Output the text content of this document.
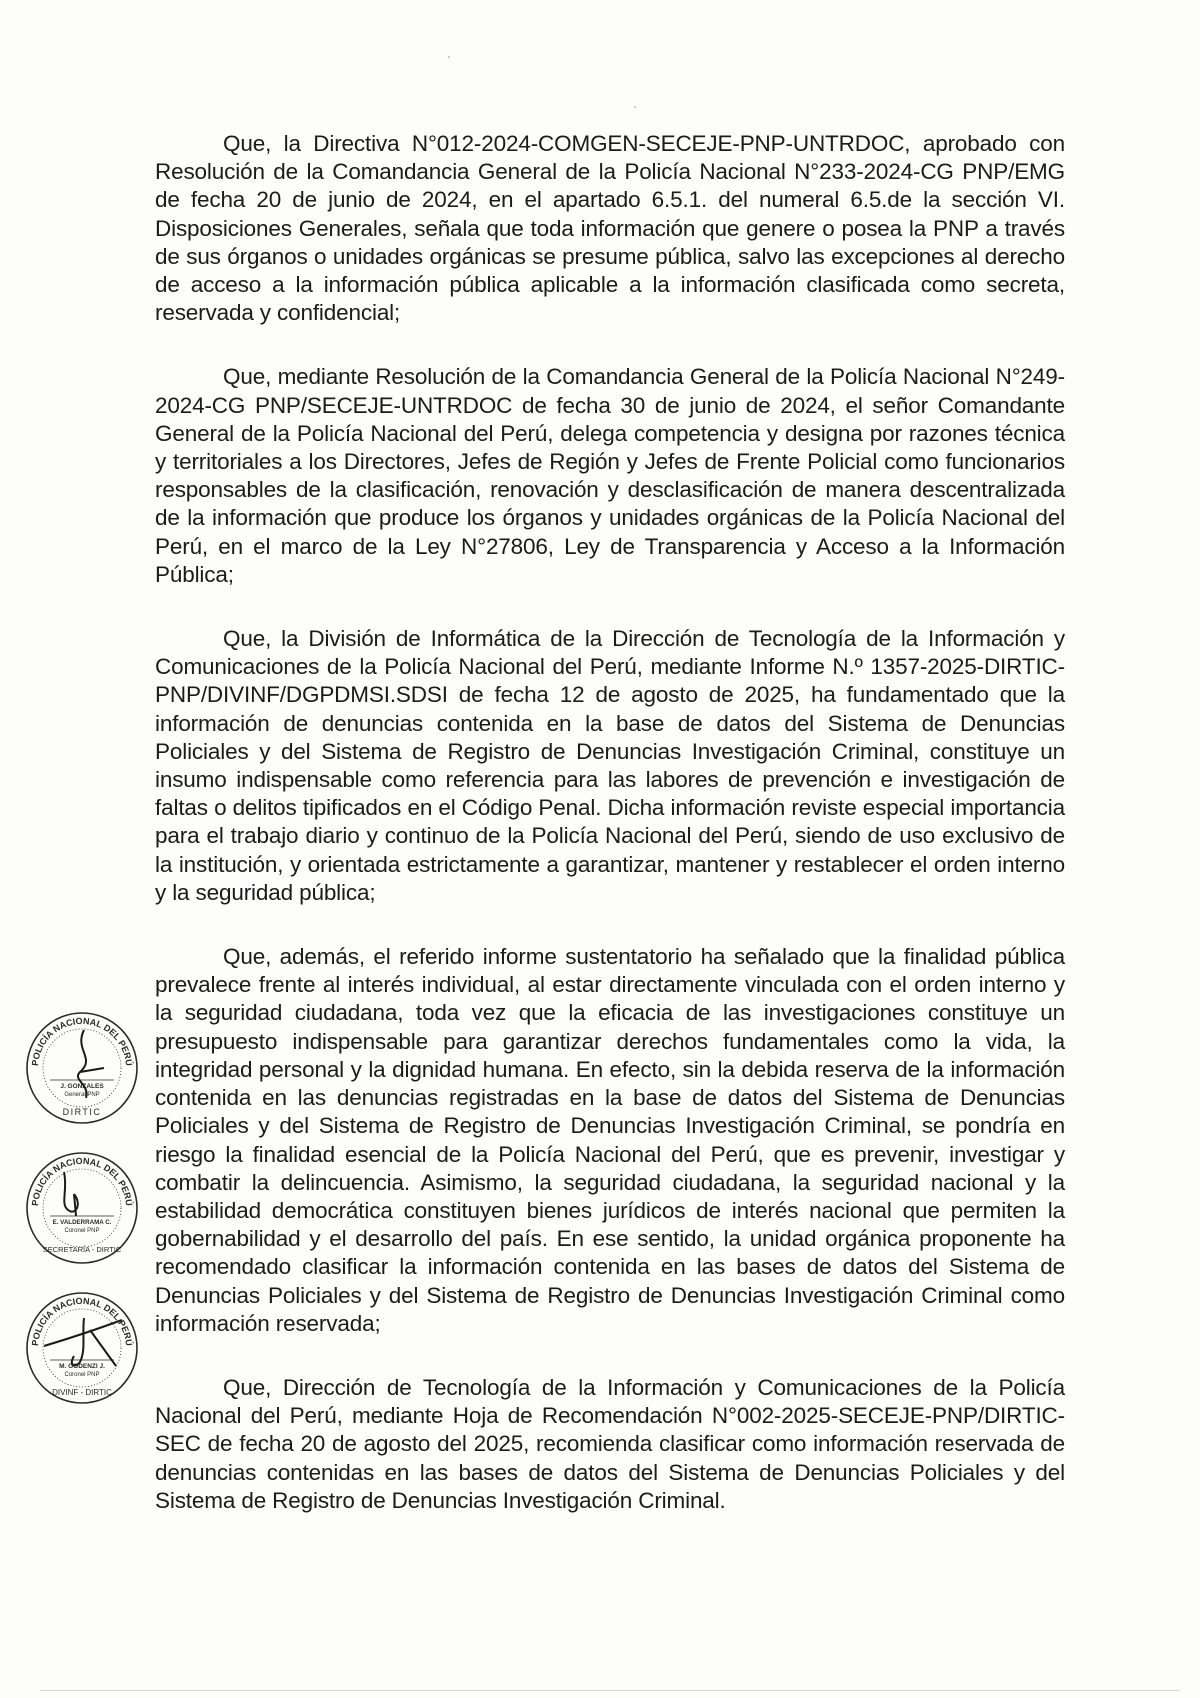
Que, la Directiva N°012-2024-COMGEN-SECEJE-PNP-UNTRDOC, aprobado con Resolución de la Comandancia General de la Policía Nacional N°233-2024-CG PNP/EMG de fecha 20 de junio de 2024, en el apartado 6.5.1. del numeral 6.5.de la sección VI. Disposiciones Generales, señala que toda información que genere o posea la PNP a través de sus órganos o unidades orgánicas se presume pública, salvo las excepciones al derecho de acceso a la información pública aplicable a la información clasificada como secreta, reservada y confidencial;

Que, mediante Resolución de la Comandancia General de la Policía Nacional N°249-2024-CG PNP/SECEJE-UNTRDOC de fecha 30 de junio de 2024, el señor Comandante General de la Policía Nacional del Perú, delega competencia y designa por razones técnica y territoriales a los Directores, Jefes de Región y Jefes de Frente Policial como funcionarios responsables de la clasificación, renovación y desclasificación de manera descentralizada de la información que produce los órganos y unidades orgánicas de la Policía Nacional del Perú, en el marco de la Ley N°27806, Ley de Transparencia y Acceso a la Información Pública;

Que, la División de Informática de la Dirección de Tecnología de la Información y Comunicaciones de la Policía Nacional del Perú, mediante Informe N.º 1357-2025-DIRTIC-PNP/DIVINF/DGPDMSI.SDSI de fecha 12 de agosto de 2025, ha fundamentado que la información de denuncias contenida en la base de datos del Sistema de Denuncias Policiales y del Sistema de Registro de Denuncias Investigación Criminal, constituye un insumo indispensable como referencia para las labores de prevención e investigación de faltas o delitos tipificados en el Código Penal. Dicha información reviste especial importancia para el trabajo diario y continuo de la Policía Nacional del Perú, siendo de uso exclusivo de la institución, y orientada estrictamente a garantizar, mantener y restablecer el orden interno y la seguridad pública;

Que, además, el referido informe sustentatorio ha señalado que la finalidad pública prevalece frente al interés individual, al estar directamente vinculada con el orden interno y la seguridad ciudadana, toda vez que la eficacia de las investigaciones constituye un presupuesto indispensable para garantizar derechos fundamentales como la vida, la integridad personal y la dignidad humana. En efecto, sin la debida reserva de la información contenida en las denuncias registradas en la base de datos del Sistema de Denuncias Policiales y del Sistema de Registro de Denuncias Investigación Criminal, se pondría en riesgo la finalidad esencial de la Policía Nacional del Perú, que es prevenir, investigar y combatir la delincuencia. Asimismo, la seguridad ciudadana, la seguridad nacional y la estabilidad democrática constituyen bienes jurídicos de interés nacional que permiten la gobernabilidad y el desarrollo del país. En ese sentido, la unidad orgánica proponente ha recomendado clasificar la información contenida en las bases de datos del Sistema de Denuncias Policiales y del Sistema de Registro de Denuncias Investigación Criminal como información reservada;

Que, Dirección de Tecnología de la Información y Comunicaciones de la Policía Nacional del Perú, mediante Hoja de Recomendación N°002-2025-SECEJE-PNP/DIRTIC-SEC de fecha 20 de agosto del 2025, recomienda clasificar como información reservada de denuncias contenidas en las bases de datos del Sistema de Denuncias Policiales y del Sistema de Registro de Denuncias Investigación Criminal.

POLICÍA NACIONAL DEL PERÚ
J. GONZALES
General PNP
DIRTIC
POLICÍA NACIONAL DEL PERÚ
E. VALDERRAMA C.
Coronel PNP
SECRETARÍA - DIRTIC
POLICÍA NACIONAL DEL PERÚ
M. GODENZI J.
Coronel PNP
DIVINF - DIRTIC
